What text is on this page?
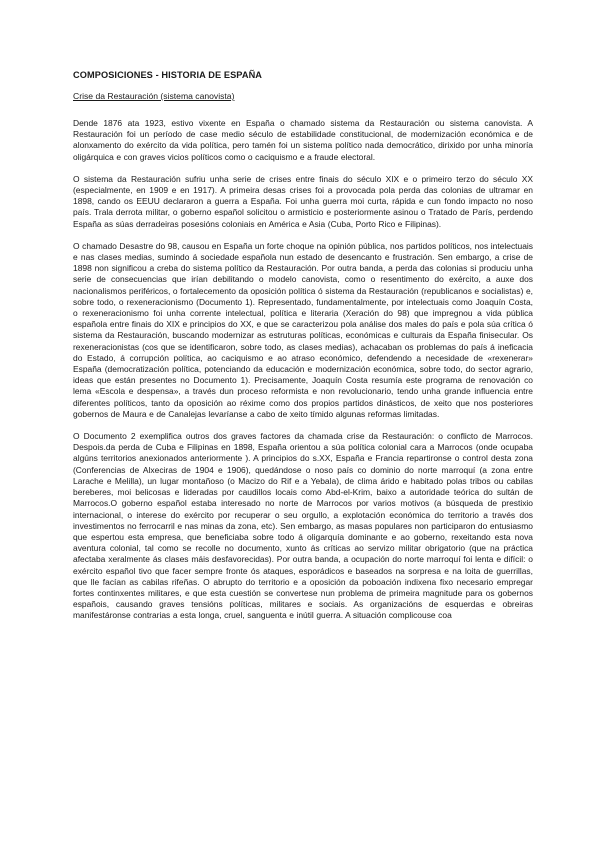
COMPOSICIONES - HISTORIA DE ESPAÑA
Crise da Restauración (sistema canovista)

Dende 1876 ata 1923, estivo vixente en España o chamado sistema da Restauración ou sistema canovista. A Restauración foi un período de case medio século de estabilidade constitucional, de modernización económica e de alonxamento do exército da vida política, pero tamén foi un sistema político nada democrático, dirixido por unha minoría oligárquica e con graves vicios políticos como o caciquismo e a fraude electoral.

O sistema da Restauración sufriu unha serie de crises entre finais do século XIX e o primeiro terzo do século XX (especialmente, en 1909 e en 1917). A primeira desas crises foi a provocada pola perda das colonias de ultramar en 1898, cando os EEUU declararon a guerra a España. Foi unha guerra moi curta, rápida e cun fondo impacto no noso país. Trala derrota militar, o goberno español solicitou o armisticio e posteriormente asinou o Tratado de París, perdendo España as súas derradeiras posesións coloniais en América e Asia (Cuba, Porto Rico e Filipinas).

O chamado Desastre do 98, causou en España un forte choque na opinión pública, nos partidos políticos, nos intelectuais e nas clases medias, sumindo á sociedade española nun estado de desencanto e frustración. Sen embargo, a crise de 1898 non significou a creba do sistema político da Restauración. Por outra banda, a perda das colonias si produciu unha serie de consecuencias que irían debilitando o modelo canovista, como o resentimento do exército, a auxe dos nacionalismos periféricos, o fortalecemento da oposición política ó sistema da Restauración (republicanos e socialistas) e, sobre todo, o rexeneracionismo (Documento 1). Representado, fundamentalmente, por intelectuais como Joaquín Costa, o rexeneracionismo foi unha corrente intelectual, política e literaria (Xeración do 98) que impregnou a vida pública española entre finais do XIX e principios do XX, e que se caracterizou pola análise dos males do país e pola súa crítica ó sistema da Restauración, buscando modernizar as estruturas políticas, económicas e culturais da España finisecular. Os rexeneracionistas (cos que se identificaron, sobre todo, as clases medias), achacaban os problemas do país á ineficacia do Estado, á corrupción política, ao caciquismo e ao atraso económico, defendendo a necesidade de «rexenerar» España (democratización política, potenciando da educación e modernización económica, sobre todo, do sector agrario, ideas que están presentes no Documento 1). Precisamente, Joaquín Costa resumía este programa de renovación co lema «Escola e despensa», a través dun proceso reformista e non revolucionario, tendo unha grande influencia entre diferentes políticos, tanto da oposición ao réxime como dos propios partidos dinásticos, de xeito que nos posteriores gobernos de Maura e de Canalejas levaríanse a cabo de xeito tímido algunas reformas limitadas.

O Documento 2 exemplifica outros dos graves factores da chamada crise da Restauración: o conflicto de Marrocos. Despois.da perda de Cuba e Filipinas en 1898, España orientou a súa política colonial cara a Marrocos (onde ocupaba algúns territorios anexionados anteriormente ). A principios do s.XX, España e Francia repartironse o control desta zona (Conferencias de Alxeciras de 1904 e 1906), quedándose o noso país co dominio do norte marroquí (a zona entre Larache e Melilla), un lugar montañoso (o Macizo do Rif e a Yebala), de clima árido e habitado polas tribos ou cabilas bereberes, moi belicosas e lideradas por caudillos locais como Abd-el-Krim, baixo a autoridade teórica do sultán de Marrocos.O goberno español estaba interesado no norte de Marrocos por varios motivos (a búsqueda de prestixio internacional, o interese do exército por recuperar o seu orgullo, a explotación económica do territorio a través dos investimentos no ferrocarril e nas minas da zona, etc). Sen embargo, as masas populares non participaron do entusiasmo que espertou esta empresa, que beneficiaba sobre todo á oligarquía dominante e ao goberno, rexeitando esta nova aventura colonial, tal como se recolle no documento, xunto ás críticas ao servizo militar obrigatorio (que na práctica afectaba xeralmente ás clases máis desfavorecidas). Por outra banda, a ocupación do norte marroquí foi lenta e difícil: o exército español tivo que facer sempre fronte ós ataques, esporádicos e baseados na sorpresa e na loita de guerrillas, que lle facían as cabilas rifeñas. O abrupto do territorio e a oposición da poboación indixena fixo necesario empregar fortes continxentes militares, e que esta cuestión se convertese nun problema de primeira magnitude para os gobernos españois, causando graves tensións políticas, militares e sociais. As organizacións de esquerdas e obreiras manifestáronse contrarias a esta longa, cruel, sanguenta e inútil guerra. A situación complicouse coa
